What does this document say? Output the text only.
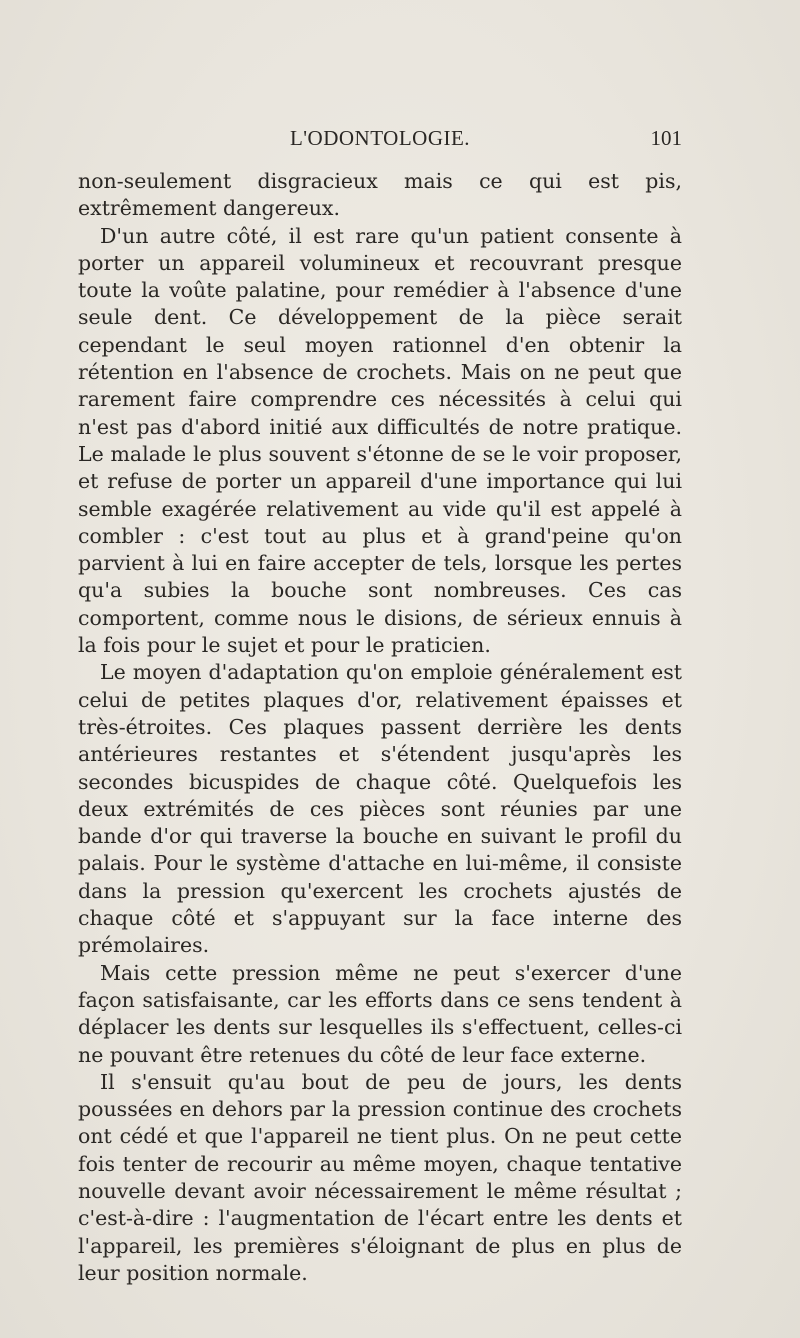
L'ODONTOLOGIE.	101

non-seulement disgracieux mais ce qui est pis, extrêmement dangereux.

D'un autre côté, il est rare qu'un patient consente à porter un appareil volumineux et recouvrant presque toute la voûte palatine, pour remédier à l'absence d'une seule dent. Ce développement de la pièce serait cependant le seul moyen rationnel d'en obtenir la rétention en l'absence de crochets. Mais on ne peut que rarement faire comprendre ces nécessités à celui qui n'est pas d'abord initié aux difficultés de notre pratique. Le malade le plus souvent s'étonne de se le voir proposer, et refuse de porter un appareil d'une importance qui lui semble exagérée relativement au vide qu'il est appelé à combler : c'est tout au plus et à grand'peine qu'on parvient à lui en faire accepter de tels, lorsque les pertes qu'a subies la bouche sont nombreuses. Ces cas comportent, comme nous le disions, de sérieux ennuis à la fois pour le sujet et pour le praticien.

Le moyen d'adaptation qu'on emploie généralement est celui de petites plaques d'or, relativement épaisses et très-étroites. Ces plaques passent derrière les dents antérieures restantes et s'étendent jusqu'après les secondes bicuspides de chaque côté. Quelquefois les deux extrémités de ces pièces sont réunies par une bande d'or qui traverse la bouche en suivant le profil du palais. Pour le système d'attache en lui-même, il consiste dans la pression qu'exercent les crochets ajustés de chaque côté et s'appuyant sur la face interne des prémolaires.

Mais cette pression même ne peut s'exercer d'une façon satisfaisante, car les efforts dans ce sens tendent à déplacer les dents sur lesquelles ils s'effectuent, celles-ci ne pouvant être retenues du côté de leur face externe.

Il s'ensuit qu'au bout de peu de jours, les dents poussées en dehors par la pression continue des crochets ont cédé et que l'appareil ne tient plus. On ne peut cette fois tenter de recourir au même moyen, chaque tentative nouvelle devant avoir nécessairement le même résultat ; c'est-à-dire : l'augmentation de l'écart entre les dents et l'appareil, les premières s'éloignant de plus en plus de leur position normale.
